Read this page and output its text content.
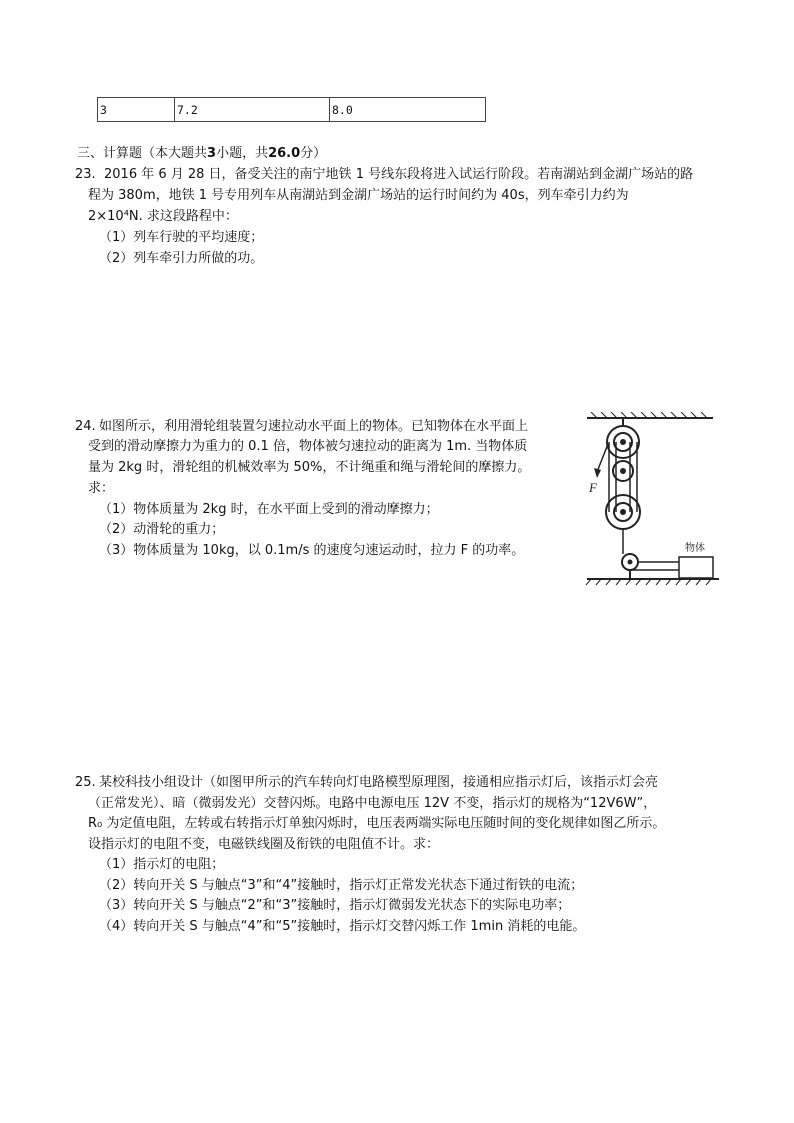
3	7.2	8.0
三、计算题（本大题共3小题，共26.0分）
23. 2016 年 6 月 28 日，备受关注的南宁地铁 1 号线东段将进入试运行阶段。若南湖站到金湖广场站的路
程为 380m，地铁 1 号专用列车从南湖站到金湖广场站的运行时间约为 40s，列车牵引力约为
2×10⁴N. 求这段路程中：
（1）列车行驶的平均速度；
（2）列车牵引力所做的功。
24. 如图所示，利用滑轮组装置匀速拉动水平面上的物体。已知物体在水平面上
受到的滑动摩擦力为重力的 0.1 倍，物体被匀速拉动的距离为 1m. 当物体质
量为 2kg 时，滑轮组的机械效率为 50%，不计绳重和绳与滑轮间的摩擦力。
求：
（1）物体质量为 2kg 时，在水平面上受到的滑动摩擦力；
（2）动滑轮的重力；
（3）物体质量为 10kg，以 0.1m/s 的速度匀速运动时，拉力 F 的功率。
F
物体
25. 某校科技小组设计（如图甲所示的汽车转向灯电路模型原理图，接通相应指示灯后，该指示灯会亮
（正常发光）、暗（微弱发光）交替闪烁。电路中电源电压 12V 不变，指示灯的规格为“12V6W”，
R₀ 为定值电阻，左转或右转指示灯单独闪烁时，电压表两端实际电压随时间的变化规律如图乙所示。
设指示灯的电阻不变，电磁铁线圈及衔铁的电阻值不计。求：
（1）指示灯的电阻；
（2）转向开关 S 与触点“3”和“4”接触时，指示灯正常发光状态下通过衔铁的电流；
（3）转向开关 S 与触点“2”和“3”接触时，指示灯微弱发光状态下的实际电功率；
（4）转向开关 S 与触点“4”和“5”接触时，指示灯交替闪烁工作 1min 消耗的电能。
